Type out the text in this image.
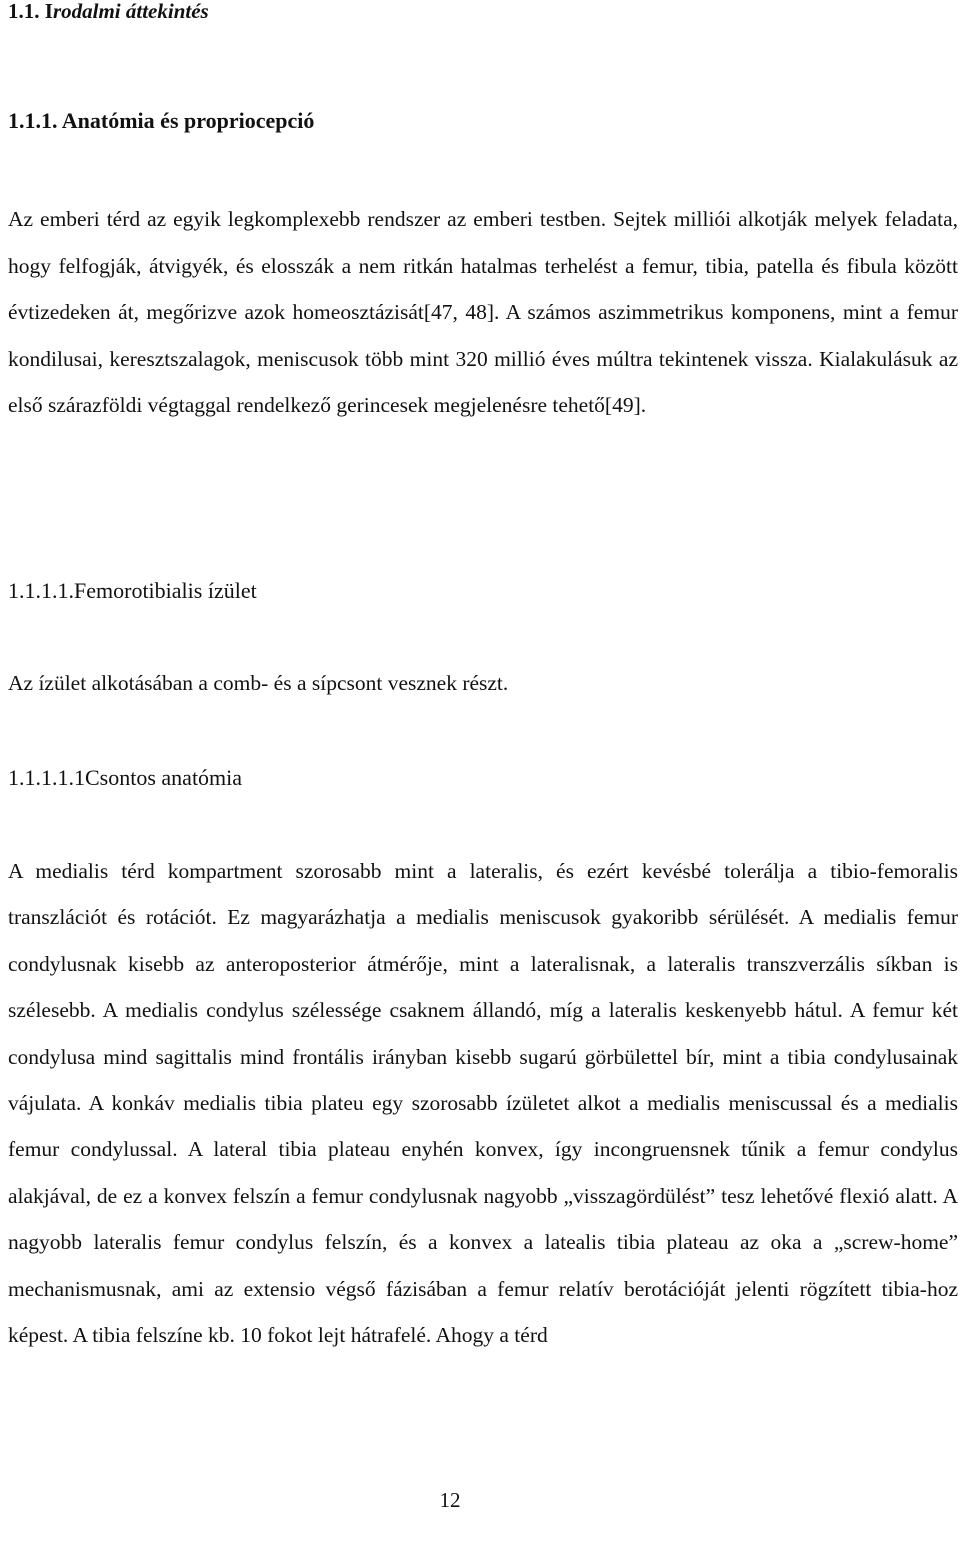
1.1. Irodalmi áttekintés
1.1.1. Anatómia és propriocepció

Az emberi térd az egyik legkomplexebb rendszer az emberi testben. Sejtek milliói alkotják melyek feladata, hogy felfogják, átvigyék, és elosszák a nem ritkán hatalmas terhelést a femur, tibia, patella és fibula között évtizedeken át, megőrizve azok homeosztázisát[47, 48]. A számos aszimmetrikus komponens, mint a femur kondilusai, keresztszalagok, meniscusok több mint 320 millió éves múltra tekintenek vissza. Kialakulásuk az első szárazföldi végtaggal rendelkező gerincesek megjelenésre tehető[49].

1.1.1.1.Femorotibialis ízület

Az ízület alkotásában a comb- és a sípcsont vesznek részt.

1.1.1.1.1Csontos anatómia

A medialis térd kompartment szorosabb mint a lateralis, és ezért kevésbé tolerálja a tibio-femoralis transzlációt és rotációt. Ez magyarázhatja a medialis meniscusok gyakoribb sérülését. A medialis femur condylusnak kisebb az anteroposterior átmérője, mint a lateralisnak, a lateralis transzverzális síkban is szélesebb. A medialis condylus szélessége csaknem állandó, míg a lateralis keskenyebb hátul. A femur két condylusa mind sagittalis mind frontális irányban kisebb sugarú görbülettel bír, mint a tibia condylusainak vájulata. A konkáv medialis tibia plateu egy szorosabb ízületet alkot a medialis meniscussal és a medialis femur condylussal. A lateral tibia plateau enyhén konvex, így incongruensnek tűnik a femur condylus alakjával, de ez a konvex felszín a femur condylusnak nagyobb „visszagördülést” tesz lehetővé flexió alatt. A nagyobb lateralis femur condylus felszín, és a konvex a latealis tibia plateau az oka a „screw-home” mechanismusnak, ami az extensio végső fázisában a femur relatív berotációját jelenti rögzített tibia-hoz képest. A tibia felszíne kb. 10 fokot lejt hátrafelé. Ahogy a térd

12
